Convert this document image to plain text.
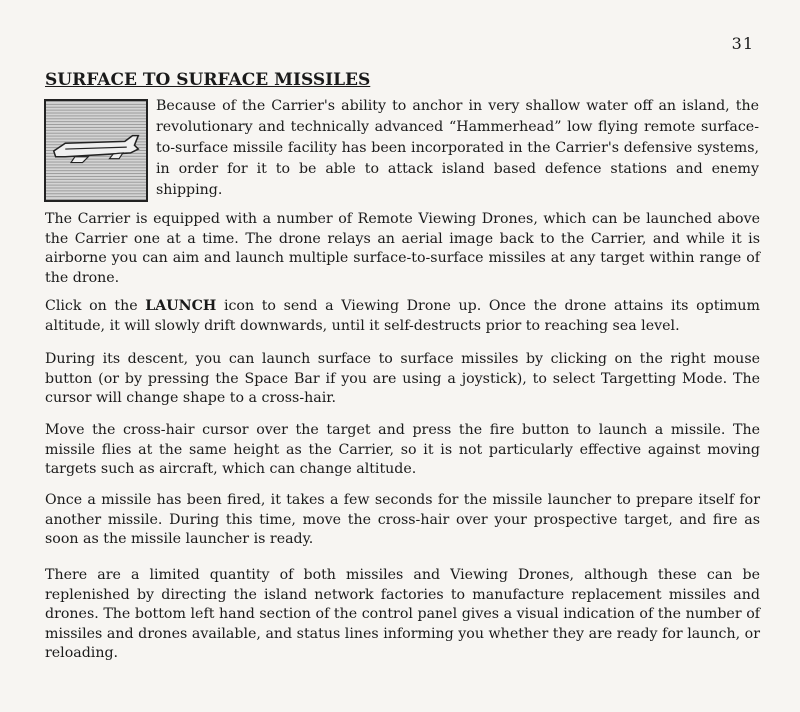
31
SURFACE TO SURFACE MISSILES

Because of the Carrier's ability to anchor in very shallow water off an island, the revolutionary and technically advanced “Hammerhead” low flying remote surface-to-surface missile facility has been incorporated in the Carrier's defensive systems, in order for it to be able to attack island based defence stations and enemy shipping.

The Carrier is equipped with a number of Remote Viewing Drones, which can be launched above the Carrier one at a time. The drone relays an aerial image back to the Carrier, and while it is airborne you can aim and launch multiple surface-to-surface missiles at any target within range of the drone.

Click on the LAUNCH icon to send a Viewing Drone up. Once the drone attains its optimum altitude, it will slowly drift downwards, until it self-destructs prior to reaching sea level.

During its descent, you can launch surface to surface missiles by clicking on the right mouse button (or by pressing the Space Bar if you are using a joystick), to select Targetting Mode. The cursor will change shape to a cross-hair.

Move the cross-hair cursor over the target and press the fire button to launch a missile. The missile flies at the same height as the Carrier, so it is not particularly effective against moving targets such as aircraft, which can change altitude.

Once a missile has been fired, it takes a few seconds for the missile launcher to prepare itself for another missile. During this time, move the cross-hair over your prospective target, and fire as soon as the missile launcher is ready.

There are a limited quantity of both missiles and Viewing Drones, although these can be replenished by directing the island network factories to manufacture replacement missiles and drones. The bottom left hand section of the control panel gives a visual indication of the number of missiles and drones available, and status lines informing you whether they are ready for launch, or reloading.
